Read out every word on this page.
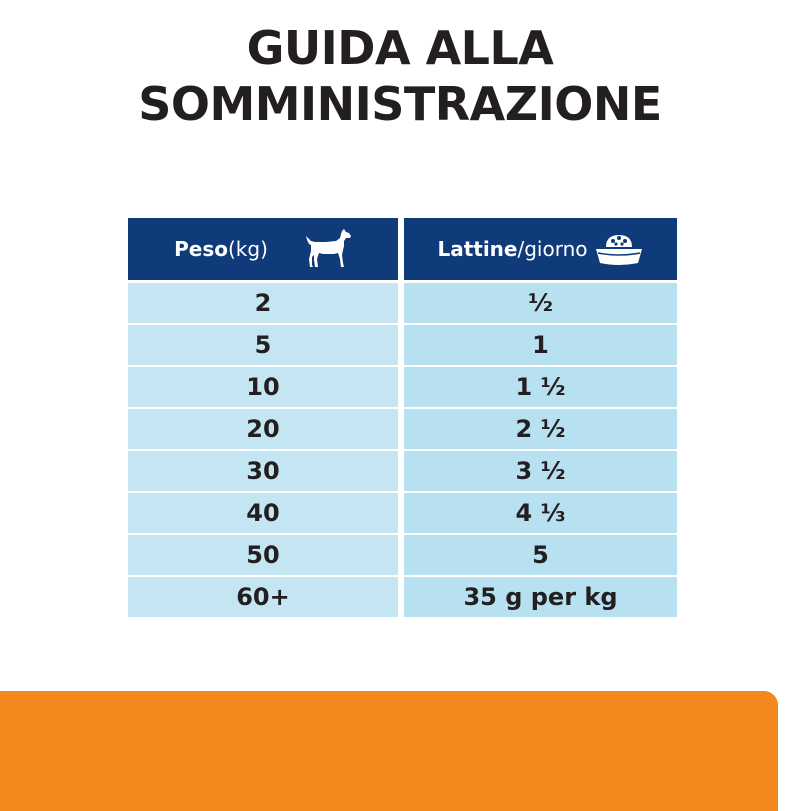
GUIDA ALLA
SOMMINISTRAZIONE
Peso (kg)	Lattine /giorno
2	½
5	1
10	1 ½
20	2 ½
30	3 ½
40	4 ⅓
50	5
60+	35 g per kg
